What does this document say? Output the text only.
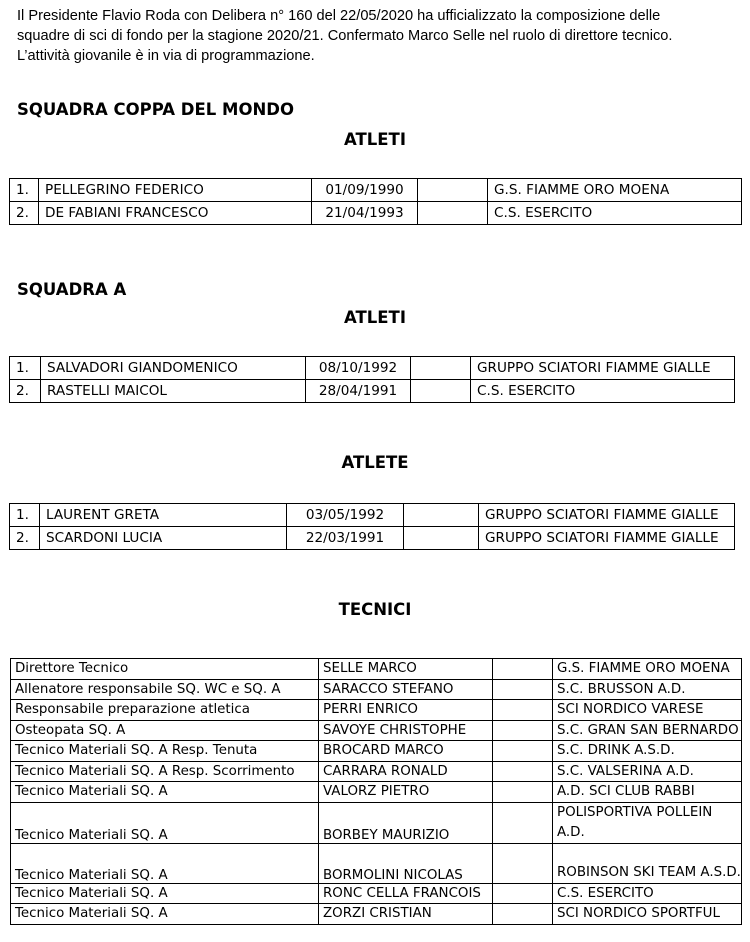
Il Presidente Flavio Roda con Delibera n° 160 del 22/05/2020 ha ufficializzato la composizione delle

squadre di sci di fondo per la stagione 2020/21. Confermato Marco Selle nel ruolo di direttore tecnico.

L’attività giovanile è in via di programmazione.

SQUADRA COPPA DEL MONDO
ATLETI
1.	PELLEGRINO FEDERICO	01/09/1990		G.S. FIAMME ORO MOENA
2.	DE FABIANI FRANCESCO	21/04/1993		C.S. ESERCITO
SQUADRA A
ATLETI
1.	SALVADORI GIANDOMENICO	08/10/1992		GRUPPO SCIATORI FIAMME GIALLE
2.	RASTELLI MAICOL	28/04/1991		C.S. ESERCITO
ATLETE
1.	LAURENT GRETA	03/05/1992		GRUPPO SCIATORI FIAMME GIALLE
2.	SCARDONI LUCIA	22/03/1991		GRUPPO SCIATORI FIAMME GIALLE
TECNICI
Direttore Tecnico	SELLE MARCO		G.S. FIAMME ORO MOENA
Allenatore responsabile SQ. WC e SQ. A	SARACCO STEFANO		S.C. BRUSSON A.D.
Responsabile preparazione atletica	PERRI ENRICO		SCI NORDICO VARESE
Osteopata SQ. A	SAVOYE CHRISTOPHE		S.C. GRAN SAN BERNARDO
Tecnico Materiali SQ. A Resp. Tenuta	BROCARD MARCO		S.C. DRINK A.S.D.
Tecnico Materiali SQ. A Resp. Scorrimento	CARRARA RONALD		S.C. VALSERINA A.D.
Tecnico Materiali SQ. A	VALORZ PIETRO		A.D. SCI CLUB RABBI
Tecnico Materiali SQ. A	BORBEY MAURIZIO		POLISPORTIVA POLLEIN A.D.
Tecnico Materiali SQ. A	BORMOLINI NICOLAS		ROBINSON SKI TEAM A.S.D.
Tecnico Materiali SQ. A	RONC CELLA FRANCOIS		C.S. ESERCITO
Tecnico Materiali SQ. A	ZORZI CRISTIAN		SCI NORDICO SPORTFUL
